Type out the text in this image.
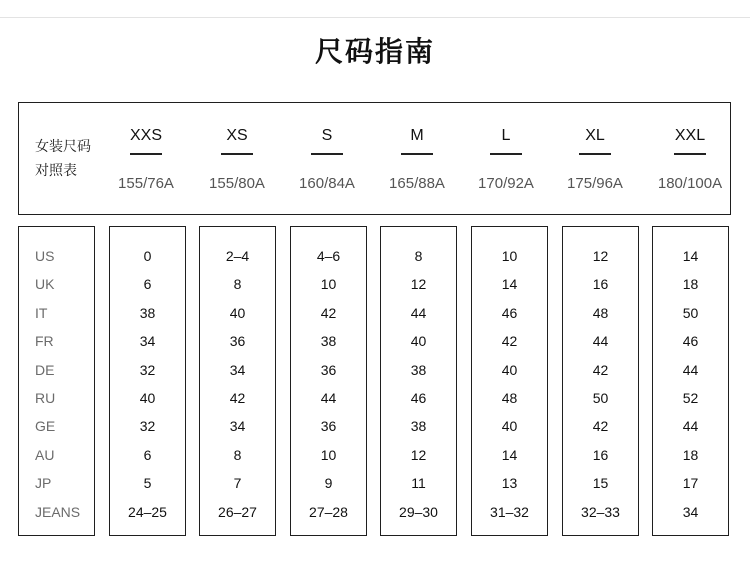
尺码指南
女装尺码
对照表
XXS
155/76A
XS
155/80A
S
160/84A
M
165/88A
L
170/92A
XL
175/96A
XXL
180/100A
US
UK
IT
FR
DE
RU
GE
AU
JP
JEANS
0
6
38
34
32
40
32
6
5
24–25
2–4
8
40
36
34
42
34
8
7
26–27
4–6
10
42
38
36
44
36
10
9
27–28
8
12
44
40
38
46
38
12
11
29–30
10
14
46
42
40
48
40
14
13
31–32
12
16
48
44
42
50
42
16
15
32–33
14
18
50
46
44
52
44
18
17
34
